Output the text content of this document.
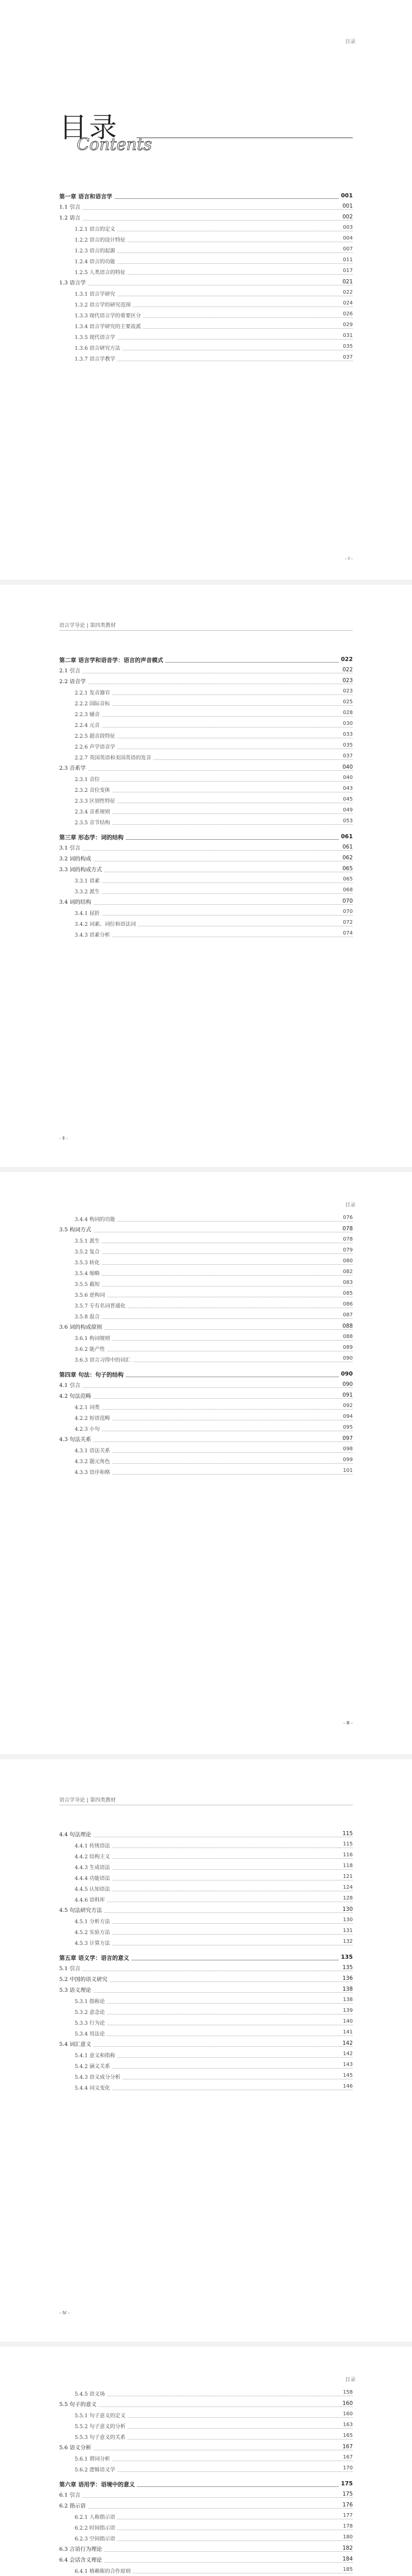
目录
目录
Contents
第一章 语言和语言学	001
1.1 引言	001
1.2 语言	002
1.2.1 语言的定义	003
1.2.2 语言的设计特征	004
1.2.3 语言的起源	007
1.2.4 语言的功能	011
1.2.5 人类语言的特征	017
1.3 语言学	021
1.3.1 语言学研究	022
1.3.2 语言学的研究范围	024
1.3.3 现代语言学的重要区分	026
1.3.4 语言学研究的主要流派	029
1.3.5 现代语言学	031
1.3.6 语言研究方法	035
1.3.7 语言学教学	037
- Ⅰ -
语言学导论 | 第四类教材
第二章 语言学和语音学：语言的声音模式	022
2.1 引言	022
2.2 语音学	023
2.2.1 发音器官	023
2.2.2 国际音标	025
2.2.3 辅音	028
2.2.4 元音	030
2.2.5 超音段特征	033
2.2.6 声学语音学	035
2.2.7 英国英语和美国英语的发音	037
2.3 音系学	040
2.3.1 音位	040
2.3.2 音位变体	043
2.3.3 区别性特征	045
2.3.4 音系规则	049
2.3.5 音节结构	053
第三章 形态学：词的结构	061
3.1 引言	061
3.2 词的构成	062
3.3 词的构成方式	065
3.3.1 语素	065
3.3.2 派生	068
3.4 词的结构	070
3.4.1 屈折	070
3.4.2 词素、词位和语法词	072
3.4.3 语素分析	074
- Ⅱ -
目录
3.4.4 构词的功能	076
3.5 构词方式	078
3.5.1 派生	078
3.5.2 复合	079
3.5.3 转化	080
3.5.4 缩略	082
3.5.5 截短	083
3.5.6 逆构词	085
3.5.7 专有名词普通化	086
3.5.8 混合	087
3.6 词的构成原则	088
3.6.1 构词规则	088
3.6.2 能产性	089
3.6.3 语言习得中的词汇	090
第四章 句法：句子的结构	090
4.1 引言	090
4.2 句法范畴	091
4.2.1 词类	092
4.2.2 短语范畴	094
4.2.3 小句	095
4.3 句法关系	097
4.3.1 语法关系	098
4.3.2 题元角色	099
4.3.3 语序和格	101
- Ⅲ -
语言学导论 | 第四类教材
4.4 句法理论	115
4.4.1 传统语法	115
4.4.2 结构主义	116
4.4.3 生成语法	118
4.4.4 功能语法	121
4.4.5 认知语法	124
4.4.6 语料库	128
4.5 句法研究方法	130
4.5.1 分析方法	130
4.5.2 实验方法	131
4.5.3 计算方法	132
第五章 语义学：语言的意义	135
5.1 引言	135
5.2 中国的语义研究	136
5.3 语义理论	138
5.3.1 指称论	138
5.3.2 意念论	139
5.3.3 行为论	140
5.3.4 用法论	141
5.4 词汇意义	142
5.4.1 意义和指称	142
5.4.2 涵义关系	143
5.4.3 语义成分分析	145
5.4.4 词义变化	146
- Ⅳ -
目录
5.4.5 语义场	158
5.5 句子的意义	160
5.5.1 句子意义的定义	160
5.5.2 句子意义的分析	163
5.5.3 句子意义的关系	165
5.6 语义分析	167
5.6.1 谓词分析	167
5.6.2 逻辑语义学	170
第六章 语用学：语境中的意义	175
6.1 引言	175
6.2 指示语	176
6.2.1 人称指示语	177
6.2.2 时间指示语	178
6.2.3 空间指示语	180
6.3 言语行为理论	182
6.4 会话含义理论	184
6.4.1 格赖斯的合作原则	185
